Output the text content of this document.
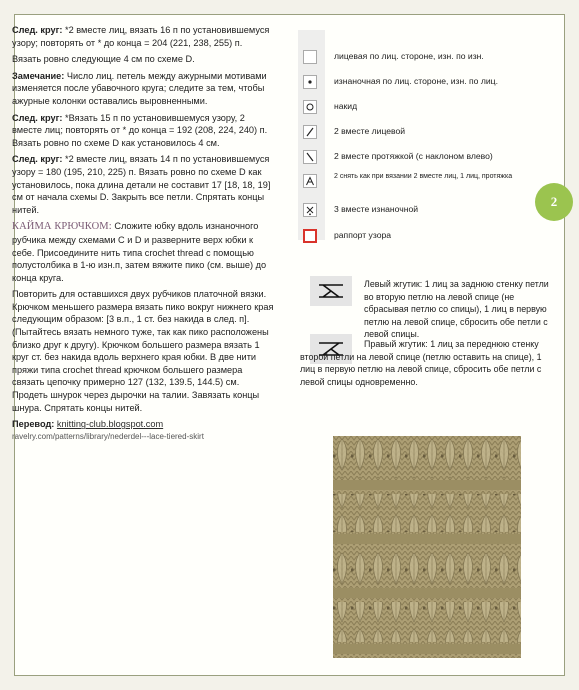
2

След. круг: *2 вместе лиц, вязать 16 п по установившемуся узору; повторять от * до конца = 204 (221, 238, 255) п.

Вязать ровно следующие 4 см по схеме D.

Замечание: Число лиц. петель между ажурными мотивами изменяется после убавочного круга; следите за тем, чтобы ажурные колонки оставались выровненными.

След. круг: *Вязать 15 п по установившемуся узору, 2 вместе лиц; повторять от * до конца = 192 (208, 224, 240) п. Вязать ровно по схеме D как установилось 4 см.

След. круг: *2 вместе лиц, вязать 14 п по установившемуся узору = 180 (195, 210, 225) п. Вязать ровно по схеме D как установилось, пока длина детали не составит 17 [18, 18, 19] см от начала схемы D. Закрыть все петли. Спрятать концы нитей.

КАЙМА КРЮЧКОМ: Сложите юбку вдоль изнаночного рубчика между схемами C и D и разверните верх юбки к себе. Присоедините нить типа crochet thread с помощью полустолбика в 1-ю изн.п, затем вяжите пико (см. выше) до конца круга.

Повторить для оставшихся двух рубчиков платочной вязки. Крючком меньшего размера вязать пико вокруг нижнего края следующим образом: [3 в.п., 1 ст. без накида в след. п]. (Пытайтесь вязать немного туже, так как пико расположены близко друг к другу). Крючком большего размера вязать 1 круг ст. без накида вдоль верхнего края юбки. В две нити пряжи типа crochet thread крючком большего размера связать цепочку примерно 127 (132, 139.5, 144.5) см. Продеть шнурок через дырочки на талии. Завязать концы шнура. Спрятать концы нитей.

Перевод: knitting-club.blogspot.com

ravelry.com/patterns/library/nederdel---lace-tiered-skirt
лицевая по лиц. стороне, изн. по изн.
изнаночная по лиц. стороне, изн. по лиц.
накид
2 вместе лицевой
2 вместе протяжкой (с наклоном влево)
2 снять как при вязании 2 вместе лиц, 1 лиц, протяжка
3 вместе изнаночной
раппорт узора
Левый жгутик: 1 лиц за заднюю стенку петли во вторую петлю на левой спице (не сбрасывая петлю со спицы), 1 лиц в первую петлю на левой спице, сбросить обе петли с левой спицы.
Правый жгутик: 1 лиц за переднюю стенку второй петли на левой спице (петлю оставить на спице), 1 лиц в первую петлю на левой спице, сбросить обе петли с левой спицы одновременно.
